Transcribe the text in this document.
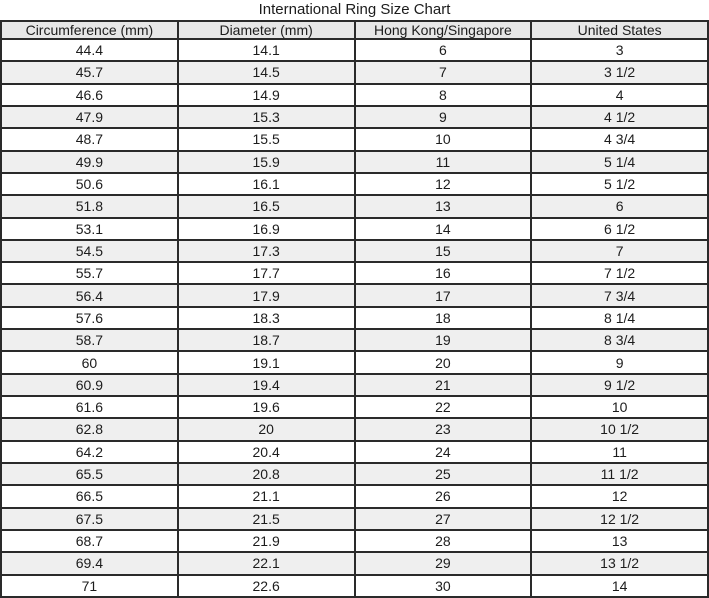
International Ring Size Chart
Circumference (mm)	Diameter (mm)	Hong Kong/Singapore	United States
44.4	14.1	6	3
45.7	14.5	7	3 1/2
46.6	14.9	8	4
47.9	15.3	9	4 1/2
48.7	15.5	10	4 3/4
49.9	15.9	11	5 1/4
50.6	16.1	12	5 1/2
51.8	16.5	13	6
53.1	16.9	14	6 1/2
54.5	17.3	15	7
55.7	17.7	16	7 1/2
56.4	17.9	17	7 3/4
57.6	18.3	18	8 1/4
58.7	18.7	19	8 3/4
60	19.1	20	9
60.9	19.4	21	9 1/2
61.6	19.6	22	10
62.8	20	23	10 1/2
64.2	20.4	24	11
65.5	20.8	25	11 1/2
66.5	21.1	26	12
67.5	21.5	27	12 1/2
68.7	21.9	28	13
69.4	22.1	29	13 1/2
71	22.6	30	14
